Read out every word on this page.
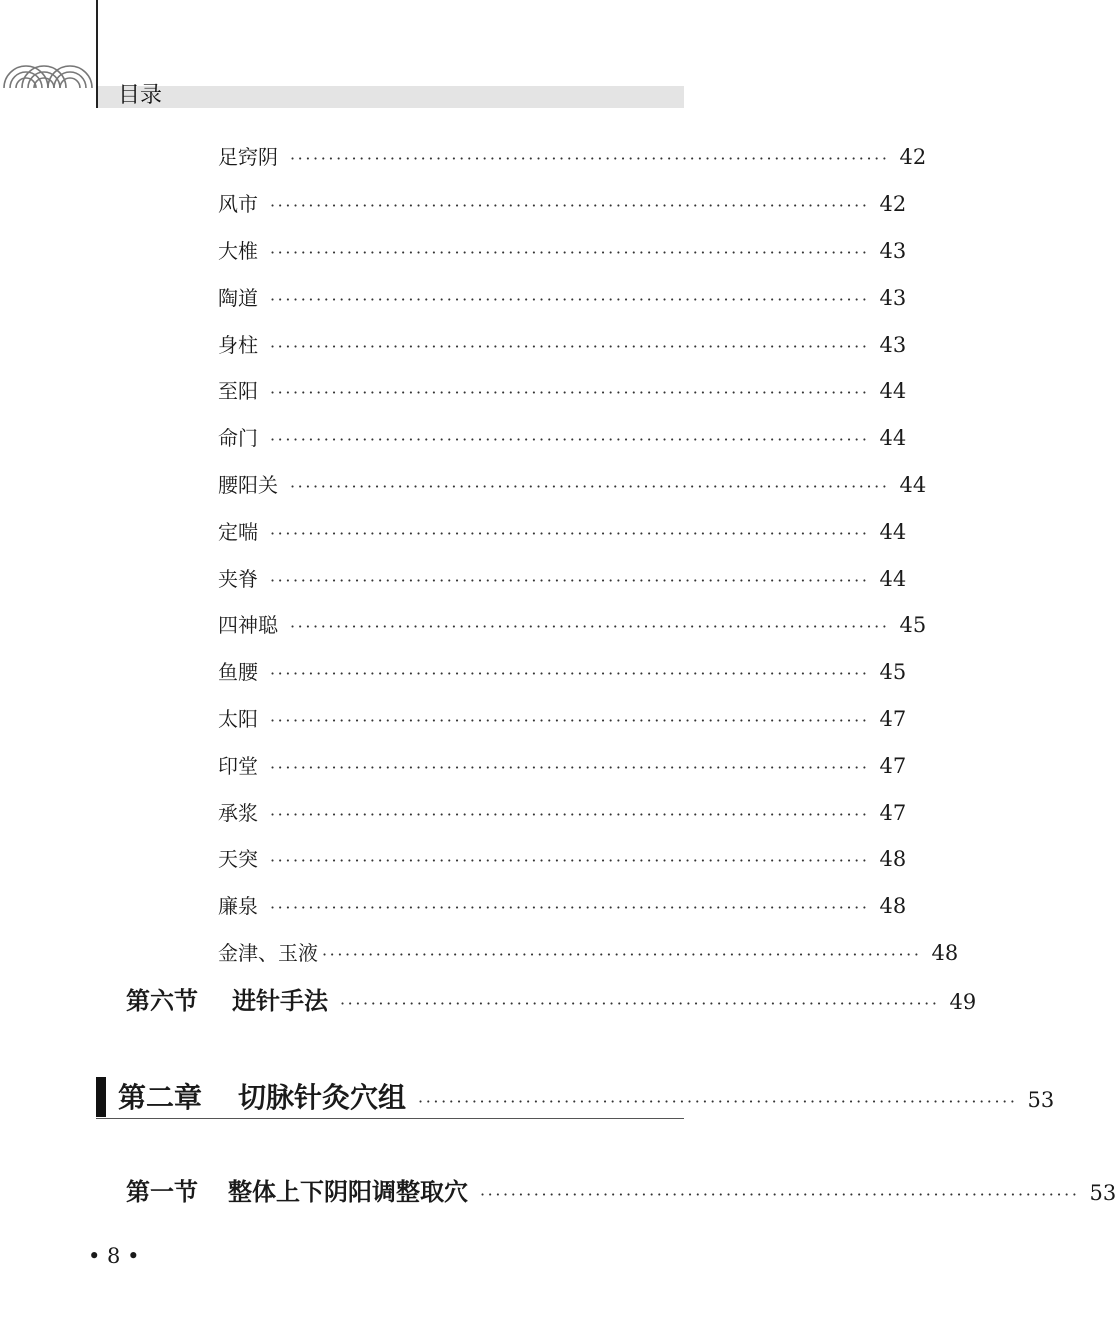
目录
足窍阴 ·············································································· 42
风市 ·············································································· 42
大椎 ·············································································· 43
陶道 ·············································································· 43
身柱 ·············································································· 43
至阳 ·············································································· 44
命门 ·············································································· 44
腰阳关 ·············································································· 44
定喘 ·············································································· 44
夹脊 ·············································································· 44
四神聪 ·············································································· 45
鱼腰 ·············································································· 45
太阳 ·············································································· 47
印堂 ·············································································· 47
承浆 ·············································································· 47
天突 ·············································································· 48
廉泉 ·············································································· 48
金津、玉液 ·············································································· 48
第六节 进针手法 ·············································································· 49
第二章 切脉针灸穴组 ·············································································· 53
第一节 整体上下阴阳调整取穴 ·············································································· 53
• 8 •
